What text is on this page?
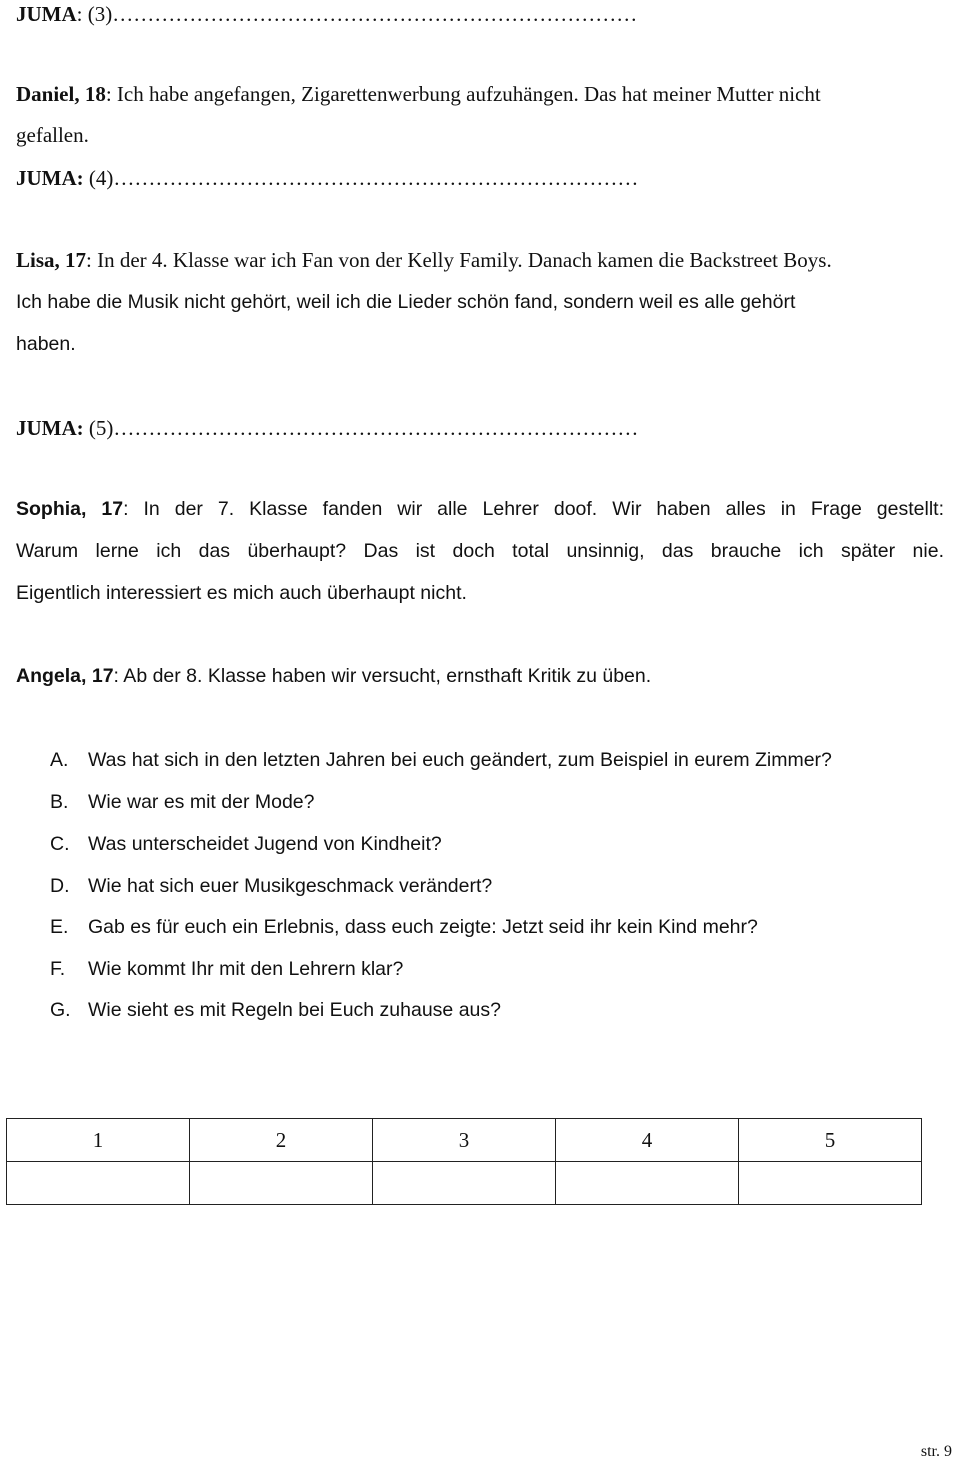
JUMA: (3)…………………………………………………………………
Daniel, 18: Ich habe angefangen, Zigarettenwerbung aufzuhängen. Das hat meiner Mutter nicht
gefallen.
JUMA: (4)…………………………………………………………………
Lisa, 17: In der 4. Klasse war ich Fan von der Kelly Family. Danach kamen die Backstreet Boys.
Ich habe die Musik nicht gehört, weil ich die Lieder schön fand, sondern weil es alle gehört
haben.
JUMA: (5)…………………………………………………………………
Sophia, 17: In der 7. Klasse fanden wir alle Lehrer doof. Wir haben alles in Frage gestellt:
Warum lerne ich das überhaupt? Das ist doch total unsinnig, das brauche ich später nie.
Eigentlich interessiert es mich auch überhaupt nicht.
Angela, 17: Ab der 8. Klasse haben wir versucht, ernsthaft Kritik zu üben.
A. Was hat sich in den letzten Jahren bei euch geändert, zum Beispiel in eurem Zimmer?
B. Wie war es mit der Mode?
C. Was unterscheidet Jugend von Kindheit?
D. Wie hat sich euer Musikgeschmack verändert?
E. Gab es für euch ein Erlebnis, dass euch zeigte: Jetzt seid ihr kein Kind mehr?
F. Wie kommt Ihr mit den Lehrern klar?
G. Wie sieht es mit Regeln bei Euch zuhause aus?
1	2	3	4	5

str. 9
